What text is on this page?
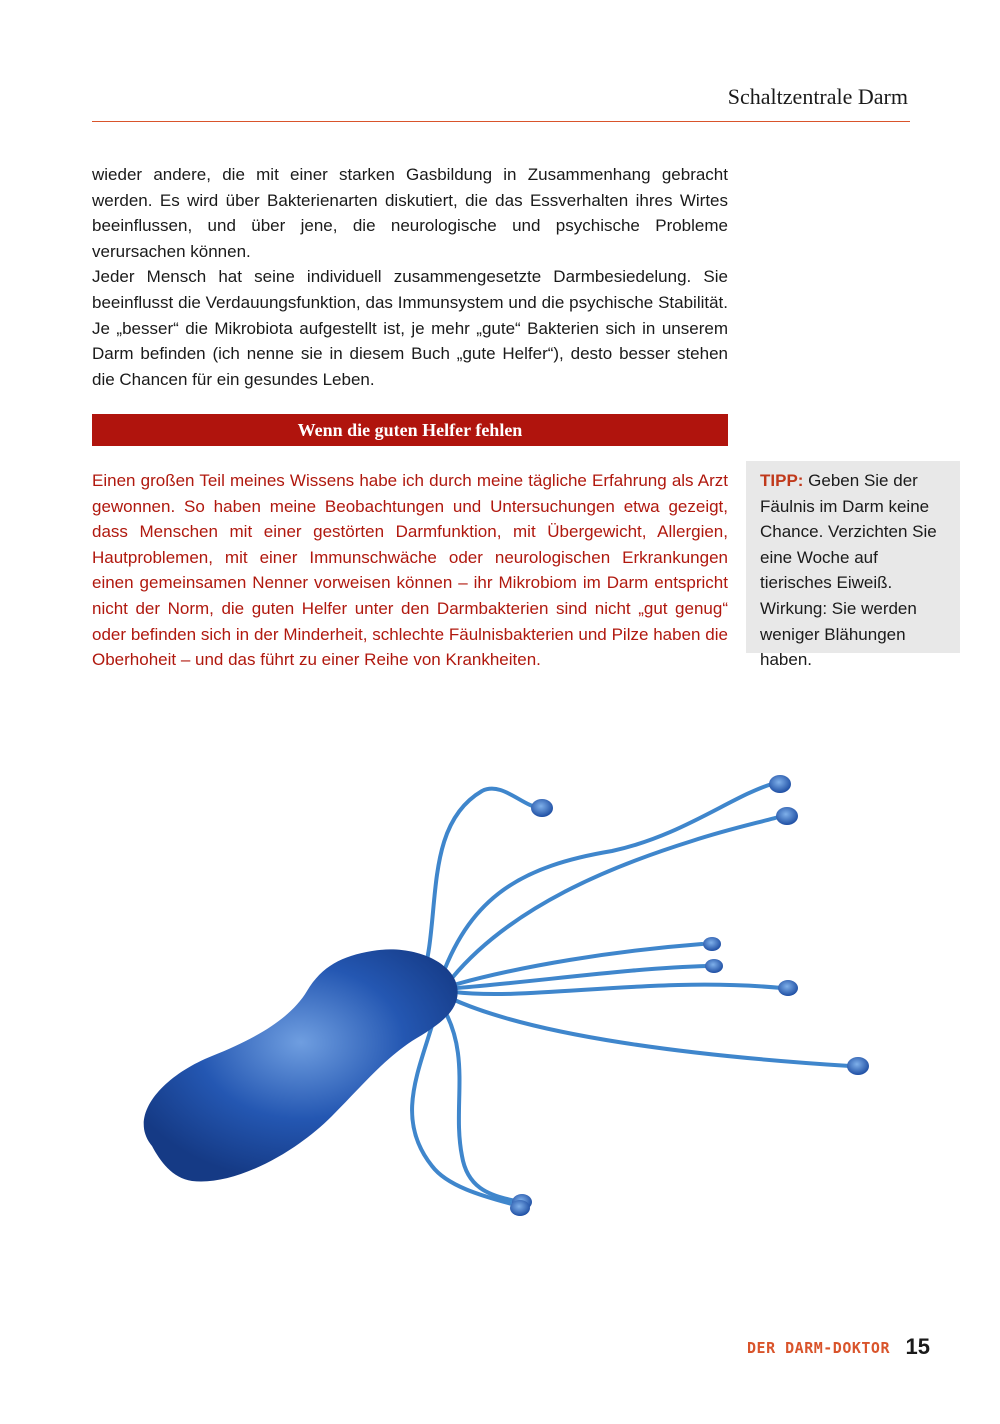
Schaltzentrale Darm

wieder andere, die mit einer starken Gasbildung in Zusammenhang gebracht werden. Es wird über Bakterienarten diskutiert, die das Essverhalten ihres Wirtes beeinflussen, und über jene, die neurologische und psychische Probleme verursachen können.

Jeder Mensch hat seine individuell zusammengesetzte Darmbesiedelung. Sie beeinflusst die Verdauungsfunktion, das Immunsystem und die psychische Stabilität. Je „besser“ die Mikrobiota aufgestellt ist, je mehr „gute“ Bakterien sich in unserem Darm befinden (ich nenne sie in diesem Buch „gute Helfer“), desto besser stehen die Chancen für ein gesundes Leben.

Wenn die guten Helfer fehlen

Einen großen Teil meines Wissens habe ich durch meine tägliche Erfahrung als Arzt gewonnen. So haben meine Beobachtungen und Untersuchungen etwa gezeigt, dass Menschen mit einer gestörten Darmfunktion, mit Übergewicht, Allergien, Hautproblemen, mit einer Immunschwäche oder neurologischen Erkrankungen einen gemeinsamen Nenner vorweisen können – ihr Mikrobiom im Darm entspricht nicht der Norm, die guten Helfer unter den Darmbakterien sind nicht „gut genug“ oder befinden sich in der Minderheit, schlechte Fäulnisbakterien und Pilze haben die Oberhoheit – und das führt zu einer Reihe von Krankheiten.

TIPP: Geben Sie der Fäulnis im Darm keine Chance. Verzichten Sie eine Woche auf tierisches Eiweiß. Wirkung: Sie werden weniger Blähungen haben.

DER DARM-DOKTOR 15
